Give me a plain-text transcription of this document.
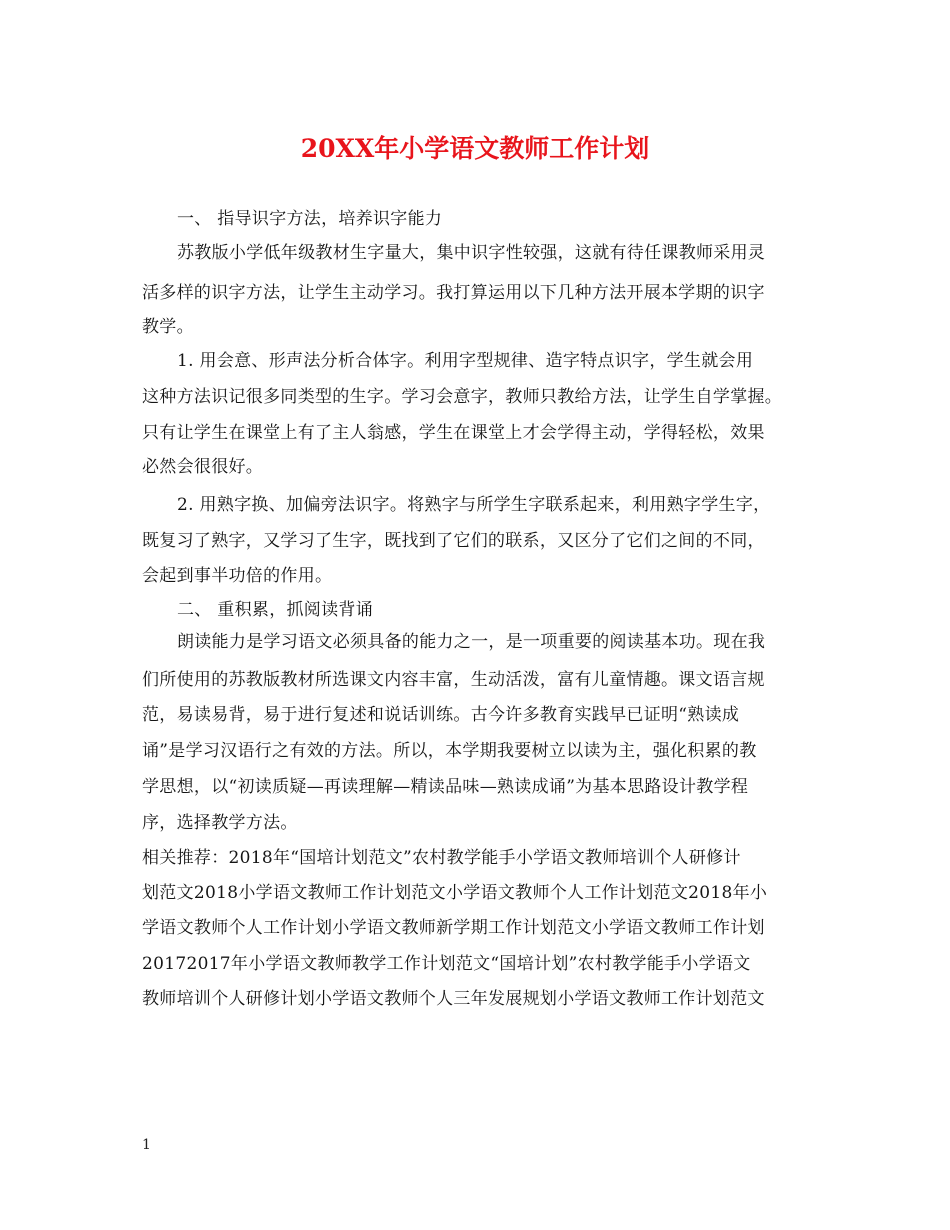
20XX年小学语文教师工作计划
一、 指导识字方法，培养识字能力
苏教版小学低年级教材生字量大，集中识字性较强，这就有待任课教师采用灵
活多样的识字方法，让学生主动学习。我打算运用以下几种方法开展本学期的识字
教学。
1. 用会意、形声法分析合体字。利用字型规律、造字特点识字，学生就会用
这种方法识记很多同类型的生字。学习会意字，教师只教给方法，让学生自学掌握。
只有让学生在课堂上有了主人翁感，学生在课堂上才会学得主动，学得轻松，效果
必然会很很好。
2. 用熟字换、加偏旁法识字。将熟字与所学生字联系起来，利用熟字学生字，
既复习了熟字，又学习了生字，既找到了它们的联系，又区分了它们之间的不同，
会起到事半功倍的作用。
二、 重积累，抓阅读背诵
朗读能力是学习语文必须具备的能力之一，是一项重要的阅读基本功。现在我
们所使用的苏教版教材所选课文内容丰富，生动活泼，富有儿童情趣。课文语言规
范，易读易背，易于进行复述和说话训练。古今许多教育实践早已证明“熟读成
诵”是学习汉语行之有效的方法。所以，本学期我要树立以读为主，强化积累的教
学思想，以“初读质疑—再读理解—精读品味—熟读成诵”为基本思路设计教学程
序，选择教学方法。
相关推荐：2018年“国培计划范文”农村教学能手小学语文教师培训个人研修计
划范文2018小学语文教师工作计划范文小学语文教师个人工作计划范文2018年小
学语文教师个人工作计划小学语文教师新学期工作计划范文小学语文教师工作计划
20172017年小学语文教师教学工作计划范文“国培计划”农村教学能手小学语文
教师培训个人研修计划小学语文教师个人三年发展规划小学语文教师工作计划范文
1
